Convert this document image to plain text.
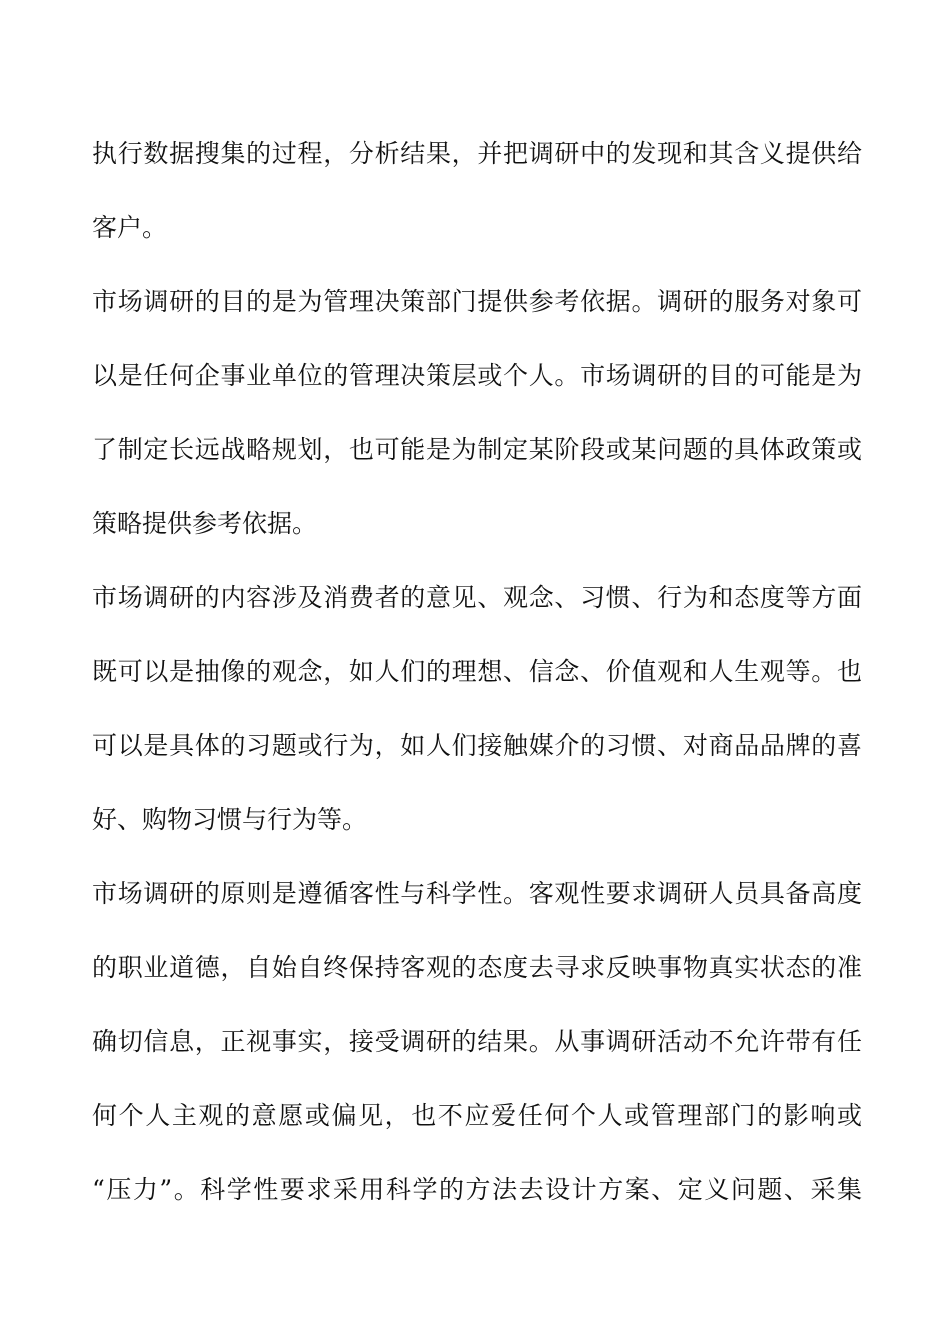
执行数据搜集的过程，分析结果，并把调研中的发现和其含义提供给
客户。
市场调研的目的是为管理决策部门提供参考依据。调研的服务对象可
以是任何企事业单位的管理决策层或个人。市场调研的目的可能是为
了制定长远战略规划，也可能是为制定某阶段或某问题的具体政策或
策略提供参考依据。
市场调研的内容涉及消费者的意见、观念、习惯、行为和态度等方面
既可以是抽像的观念，如人们的理想、信念、价值观和人生观等。也
可以是具体的习题或行为，如人们接触媒介的习惯、对商品品牌的喜
好、购物习惯与行为等。
市场调研的原则是遵循客性与科学性。客观性要求调研人员具备高度
的职业道德，自始自终保持客观的态度去寻求反映事物真实状态的准
确切信息，正视事实，接受调研的结果。从事调研活动不允许带有任
何个人主观的意愿或偏见，也不应爱任何个人或管理部门的影响或
“压力”。科学性要求采用科学的方法去设计方案、定义问题、采集
